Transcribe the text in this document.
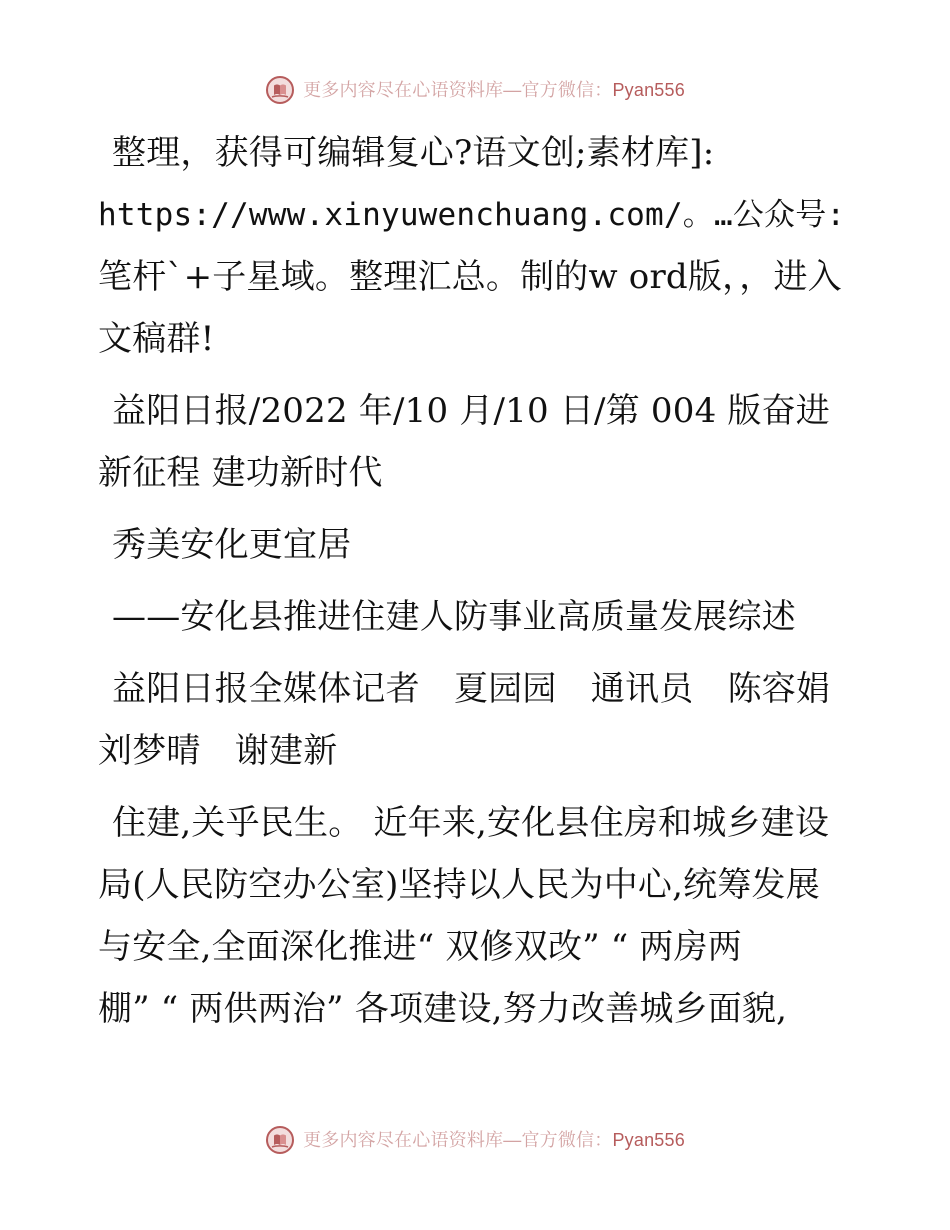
更多内容尽在心语资料库—官方微信：Pyan556
整理，获得可编辑复心?语文创;素材库]:
https://www.xinyuwenchuang.com/。…公众号:
笔杆`+子星域。整理汇总。制的w ord版，，进入
文稿群!
益阳日报/2022 年/10 月/10 日/第 004 版奋进
新征程 建功新时代
秀美安化更宜居
——安化县推进住建人防事业高质量发展综述
益阳日报全媒体记者　夏园园　通讯员　陈容娟
刘梦晴　谢建新
住建,关乎民生。 近年来,安化县住房和城乡建设
局(人民防空办公室)坚持以人民为中心,统筹发展
与安全,全面深化推进“ 双修双改” “ 两房两
棚” “ 两供两治” 各项建设,努力改善城乡面貌,
更多内容尽在心语资料库—官方微信：Pyan556
